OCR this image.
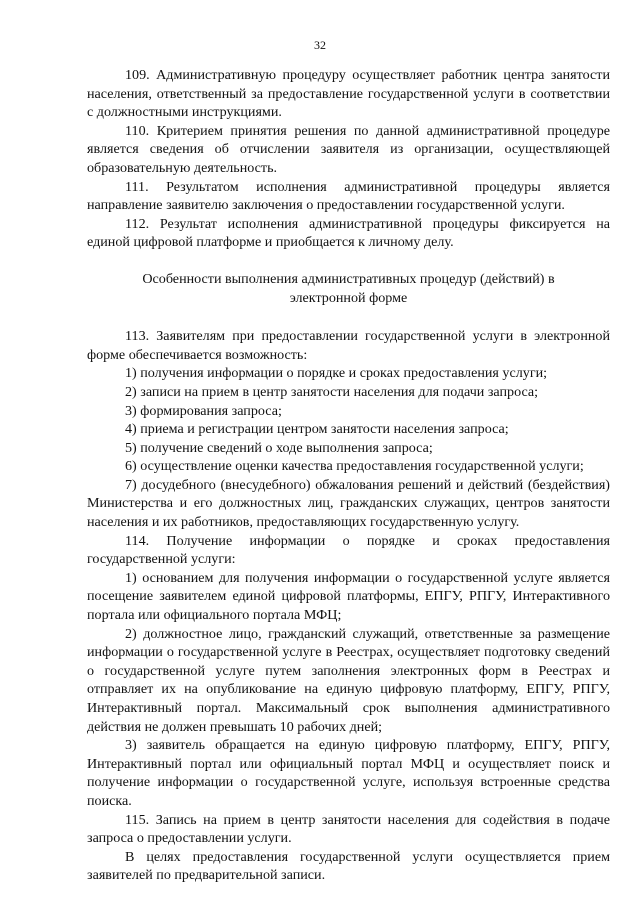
32

109. Административную процедуру осуществляет работник центра занятости населения, ответственный за предоставление государственной услуги в соответствии с должностными инструкциями.

110. Критерием принятия решения по данной административной процедуре является сведения об отчислении заявителя из организации, осуществляющей образовательную деятельность.

111. Результатом исполнения административной процедуры является направление заявителю заключения о предоставлении государственной услуги.

112. Результат исполнения административной процедуры фиксируется на единой цифровой платформе и приобщается к личному делу.

Особенности выполнения административных процедур (действий) в
электронной форме

113. Заявителям при предоставлении государственной услуги в электронной форме обеспечивается возможность:

1) получения информации о порядке и сроках предоставления услуги;

2) записи на прием в центр занятости населения для подачи запроса;

3) формирования запроса;

4) приема и регистрации центром занятости населения запроса;

5) получение сведений о ходе выполнения запроса;

6) осуществление оценки качества предоставления государственной услуги;

7) досудебного (внесудебного) обжалования решений и действий (бездействия) Министерства и его должностных лиц, гражданских служащих, центров занятости населения и их работников, предоставляющих государственную услугу.

114. Получение информации о порядке и сроках предоставления государственной услуги:

1) основанием для получения информации о государственной услуге является посещение заявителем единой цифровой платформы, ЕПГУ, РПГУ, Интерактивного портала или официального портала МФЦ;

2) должностное лицо, гражданский служащий, ответственные за размещение информации о государственной услуге в Реестрах, осуществляет подготовку сведений о государственной услуге путем заполнения электронных форм в Реестрах и отправляет их на опубликование на единую цифровую платформу, ЕПГУ, РПГУ, Интерактивный портал. Максимальный срок выполнения административного действия не должен превышать 10 рабочих дней;

3) заявитель обращается на единую цифровую платформу, ЕПГУ, РПГУ, Интерактивный портал или официальный портал МФЦ и осуществляет поиск и получение информации о государственной услуге, используя встроенные средства поиска.

115. Запись на прием в центр занятости населения для содействия в подаче запроса о предоставлении услуги.

В целях предоставления государственной услуги осуществляется прием заявителей по предварительной записи.
